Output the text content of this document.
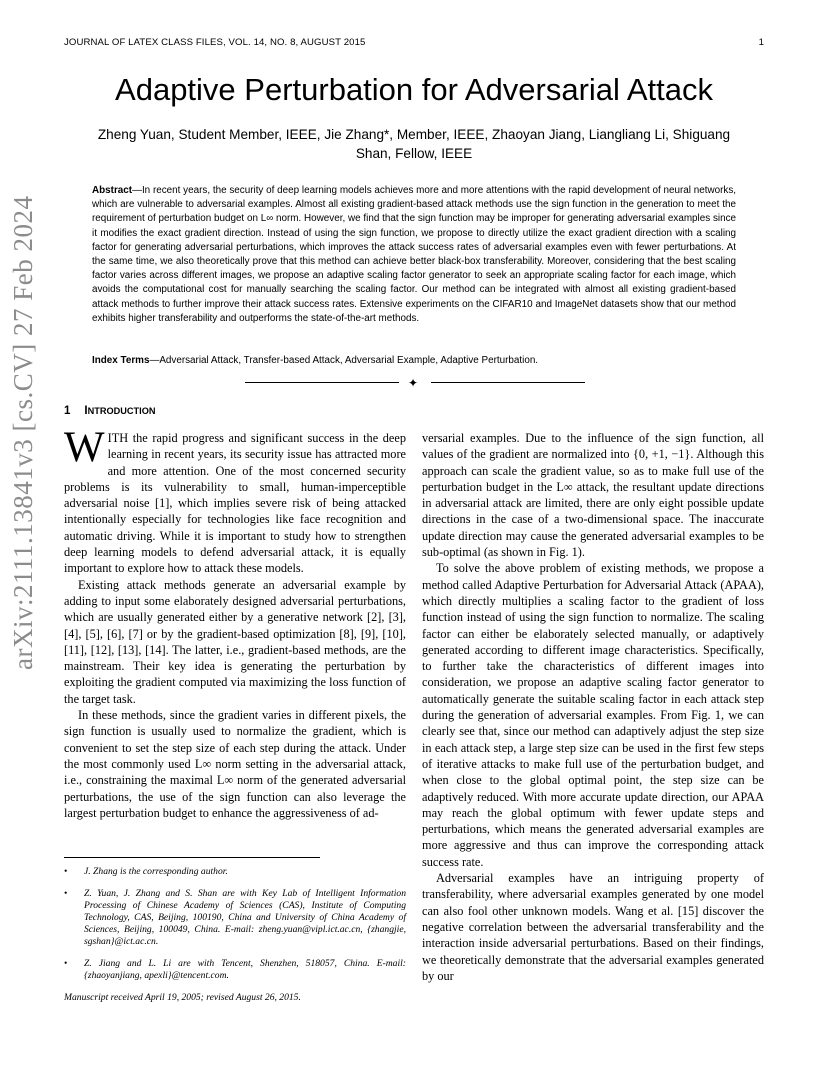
JOURNAL OF LATEX CLASS FILES, VOL. 14, NO. 8, AUGUST 2015	1
Adaptive Perturbation for Adversarial Attack
Zheng Yuan, Student Member, IEEE, Jie Zhang*, Member, IEEE, Zhaoyan Jiang, Liangliang Li, Shiguang
Shan, Fellow, IEEE
Abstract—In recent years, the security of deep learning models achieves more and more attentions with the rapid development of neural networks, which are vulnerable to adversarial examples. Almost all existing gradient-based attack methods use the sign function in the generation to meet the requirement of perturbation budget on L∞ norm. However, we find that the sign function may be improper for generating adversarial examples since it modifies the exact gradient direction. Instead of using the sign function, we propose to directly utilize the exact gradient direction with a scaling factor for generating adversarial perturbations, which improves the attack success rates of adversarial examples even with fewer perturbations. At the same time, we also theoretically prove that this method can achieve better black-box transferability. Moreover, considering that the best scaling factor varies across different images, we propose an adaptive scaling factor generator to seek an appropriate scaling factor for each image, which avoids the computational cost for manually searching the scaling factor. Our method can be integrated with almost all existing gradient-based attack methods to further improve their attack success rates. Extensive experiments on the CIFAR10 and ImageNet datasets show that our method exhibits higher transferability and outperforms the state-of-the-art methods.
Index Terms—Adversarial Attack, Transfer-based Attack, Adversarial Example, Adaptive Perturbation.
✦
arXiv:2111.13841v3 [cs.CV] 27 Feb 2024 1 INTRODUCTION

WITH the rapid progress and significant success in the deep learning in recent years, its security issue has attracted more and more attention. One of the most concerned security problems is its vulnerability to small, human-imperceptible adversarial noise [1], which implies severe risk of being attacked intentionally especially for technologies like face recognition and automatic driving. While it is important to study how to strengthen deep learning models to defend adversarial attack, it is equally important to explore how to attack these models.

Existing attack methods generate an adversarial example by adding to input some elaborately designed adversarial perturbations, which are usually generated either by a generative network [2], [3], [4], [5], [6], [7] or by the gradient-based optimization [8], [9], [10], [11], [12], [13], [14]. The latter, i.e., gradient-based methods, are the mainstream. Their key idea is generating the perturbation by exploiting the gradient computed via maximizing the loss function of the target task.

In these methods, since the gradient varies in different pixels, the sign function is usually used to normalize the gradient, which is convenient to set the step size of each step during the attack. Under the most commonly used L∞ norm setting in the adversarial attack, i.e., constraining the maximal L∞ norm of the generated adversarial perturbations, the use of the sign function can also leverage the largest perturbation budget to enhance the aggressiveness of ad-

versarial examples. Due to the influence of the sign function, all values of the gradient are normalized into {0, +1, −1}. Although this approach can scale the gradient value, so as to make full use of the perturbation budget in the L∞ attack, the resultant update directions in adversarial attack are limited, there are only eight possible update directions in the case of a two-dimensional space. The inaccurate update direction may cause the generated adversarial examples to be sub-optimal (as shown in Fig. 1).

To solve the above problem of existing methods, we propose a method called Adaptive Perturbation for Adversarial Attack (APAA), which directly multiplies a scaling factor to the gradient of loss function instead of using the sign function to normalize. The scaling factor can either be elaborately selected manually, or adaptively generated according to different image characteristics. Specifically, to further take the characteristics of different images into consideration, we propose an adaptive scaling factor generator to automatically generate the suitable scaling factor in each attack step during the generation of adversarial examples. From Fig. 1, we can clearly see that, since our method can adaptively adjust the step size in each attack step, a large step size can be used in the first few steps of iterative attacks to make full use of the perturbation budget, and when close to the global optimal point, the step size can be adaptively reduced. With more accurate update direction, our APAA may reach the global optimum with fewer update steps and perturbations, which means the generated adversarial examples are more aggressive and thus can improve the corresponding attack success rate.

Adversarial examples have an intriguing property of transferability, where adversarial examples generated by one model can also fool other unknown models. Wang et al. [15] discover the negative correlation between the adversarial transferability and the interaction inside adversarial perturbations. Based on their findings, we theoretically demonstrate that the adversarial examples generated by our

• J. Zhang is the corresponding author.
• Z. Yuan, J. Zhang and S. Shan are with Key Lab of Intelligent Information Processing of Chinese Academy of Sciences (CAS), Institute of Computing Technology, CAS, Beijing, 100190, China and University of China Academy of Sciences, Beijing, 100049, China. E-mail: zheng.yuan@vipl.ict.ac.cn, {zhangjie, sgshan}@ict.ac.cn.
• Z. Jiang and L. Li are with Tencent, Shenzhen, 518057, China. E-mail: {zhaoyanjiang, apexli}@tencent.com.
Manuscript received April 19, 2005; revised August 26, 2015.
